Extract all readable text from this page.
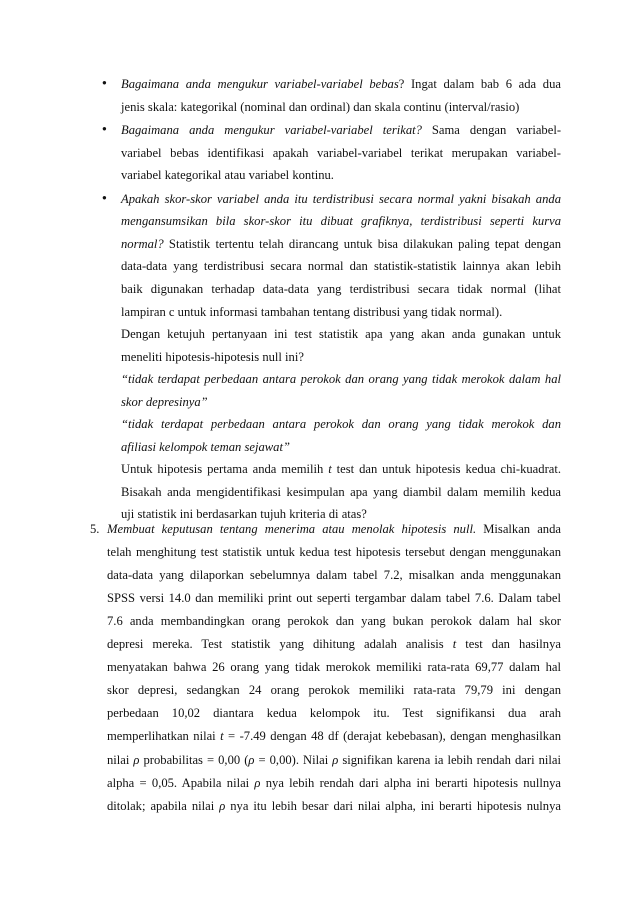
● Bagaimana anda mengukur variabel-variabel bebas? Ingat dalam bab 6 ada dua
jenis skala: kategorikal (nominal dan ordinal) dan skala continu (interval/rasio)
● Bagaimana anda mengukur variabel-variabel terikat? Sama dengan variabel-
variabel bebas identifikasi apakah variabel-variabel terikat merupakan variabel-
variabel kategorikal atau variabel kontinu.
● Apakah skor-skor variabel anda itu terdistribusi secara normal yakni bisakah anda
mengansumsikan bila skor-skor itu dibuat grafiknya, terdistribusi seperti kurva
normal? Statistik tertentu telah dirancang untuk bisa dilakukan paling tepat dengan
data-data yang terdistribusi secara normal dan statistik-statistik lainnya akan lebih
baik digunakan terhadap data-data yang terdistribusi secara tidak normal (lihat
lampiran c untuk informasi tambahan tentang distribusi yang tidak normal).
Dengan ketujuh pertanyaan ini test statistik apa yang akan anda gunakan untuk
meneliti hipotesis-hipotesis null ini?
“tidak terdapat perbedaan antara perokok dan orang yang tidak merokok dalam hal
skor depresinya”
“tidak terdapat perbedaan antara perokok dan orang yang tidak merokok dan
afiliasi kelompok teman sejawat”
Untuk hipotesis pertama anda memilih t test dan untuk hipotesis kedua chi-kuadrat.
Bisakah anda mengidentifikasi kesimpulan apa yang diambil dalam memilih kedua
uji statistik ini berdasarkan tujuh kriteria di atas?
5. Membuat keputusan tentang menerima atau menolak hipotesis null. Misalkan anda
telah menghitung test statistik untuk kedua test hipotesis tersebut dengan menggunakan
data-data yang dilaporkan sebelumnya dalam tabel 7.2, misalkan anda menggunakan
SPSS versi 14.0 dan memiliki print out seperti tergambar dalam tabel 7.6. Dalam tabel
7.6 anda membandingkan orang perokok dan yang bukan perokok dalam hal skor
depresi mereka. Test statistik yang dihitung adalah analisis t test dan hasilnya
menyatakan bahwa 26 orang yang tidak merokok memiliki rata-rata 69,77 dalam hal
skor depresi, sedangkan 24 orang perokok memiliki rata-rata 79,79 ini dengan
perbedaan 10,02 diantara kedua kelompok itu. Test signifikansi dua arah
memperlihatkan nilai t = -7.49 dengan 48 df (derajat kebebasan), dengan menghasilkan
nilai ρ probabilitas = 0,00 (ρ = 0,00). Nilai ρ signifikan karena ia lebih rendah dari nilai
alpha = 0,05. Apabila nilai ρ nya lebih rendah dari alpha ini berarti hipotesis nullnya
ditolak; apabila nilai ρ nya itu lebih besar dari nilai alpha, ini berarti hipotesis nulnya
